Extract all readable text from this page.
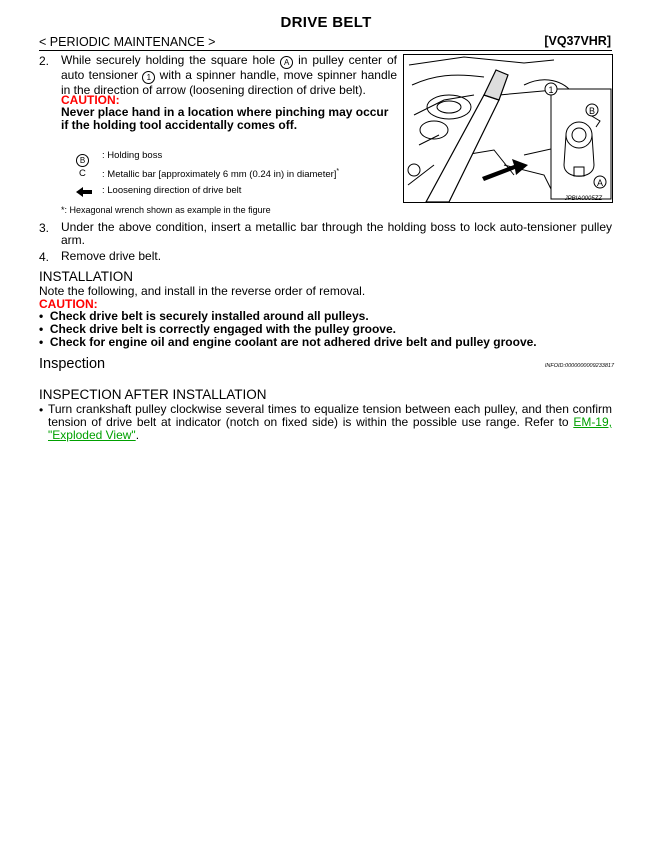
DRIVE BELT
< PERIODIC MAINTENANCE >	[VQ37VHR]
2. While securely holding the square hole A in pulley center of auto tensioner 1 with a spinner handle, move spinner handle in the direction of arrow (loosening direction of drive belt).
CAUTION:
Never place hand in a location where pinching may occur if the holding tool accidentally comes off.
B	: Holding boss
C : Metallic bar [approximately 6 mm (0.24 in) in diameter]*
: Loosening direction of drive belt
*: Hexagonal wrench shown as example in the figure
1
B
A
JPBIA0005ZZ
3. Under the above condition, insert a metallic bar through the holding boss to lock auto-tensioner pulley arm.
4. Remove drive belt.
INSTALLATION
Note the following, and install in the reverse order of removal.
CAUTION:
•  Check drive belt is securely installed around all pulleys.
•  Check drive belt is correctly engaged with the pulley groove.
•  Check for engine oil and engine coolant are not adhered drive belt and pulley groove.
Inspection	INFOID:0000000009233817
INSPECTION AFTER INSTALLATION
• Turn crankshaft pulley clockwise several times to equalize tension between each pulley, and then confirm tension of drive belt at indicator (notch on fixed side) is within the possible use range. Refer to EM-19, "Exploded View".
